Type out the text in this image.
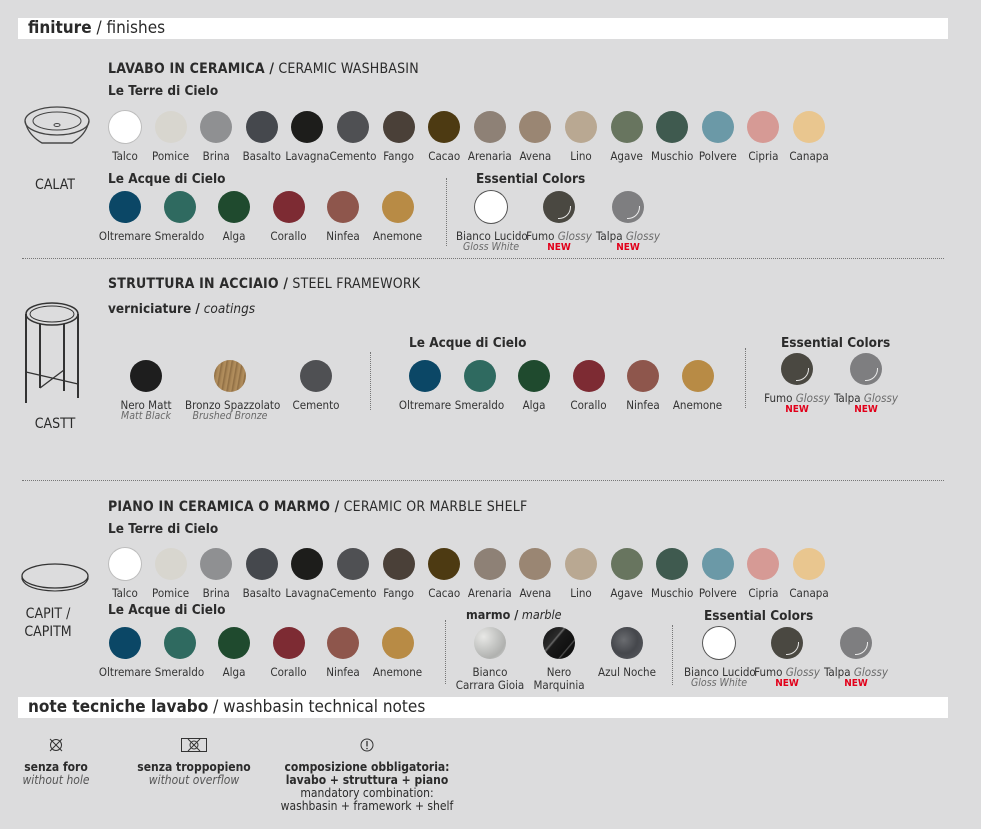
finiture / finishes
CALAT
LAVABO IN CERAMICA / CERAMIC WASHBASIN
Le Terre di Cielo
Talco	Pomice	Brina	Basalto Lavagna Cemento Fango	Cacao Arenaria Avena	Lino	Agave Muschio Polvere	Cipria Canapa
Le Acque di Cielo
Oltremare Smeraldo	Alga	Corallo	Ninfea	Anemone
Essential Colors
Bianco Lucido
Gloss White
Fumo Glossy
NEW
Talpa Glossy
NEW
CASTT
STRUTTURA IN ACCIAIO / STEEL FRAMEWORK
verniciature / coatings
Nero Matt
Matt Black
Bronzo Spazzolato
Brushed Bronze
Cemento
Le Acque di Cielo
Oltremare Smeraldo	Alga	Corallo	Ninfea	Anemone
Essential Colors
Fumo Glossy
NEW
Talpa Glossy
NEW
CAPIT /
CAPITM
PIANO IN CERAMICA O MARMO / CERAMIC OR MARBLE SHELF
Le Terre di Cielo
Talco	Pomice	Brina	Basalto Lavagna Cemento Fango	Cacao Arenaria Avena	Lino	Agave Muschio Polvere	Cipria Canapa
Le Acque di Cielo
Oltremare Smeraldo	Alga	Corallo	Ninfea	Anemone
marmo / marble
Bianco
Carrara Gioia
Nero
Marquinia
Azul Noche
Essential Colors
Bianco Lucido
Gloss White
Fumo Glossy
NEW
Talpa Glossy
NEW
note tecniche lavabo / washbasin technical notes
senza foro
without hole
senza troppopieno
without overflow
composizione obbligatoria:
lavabo + struttura + piano
mandatory combination:
washbasin + framework + shelf
